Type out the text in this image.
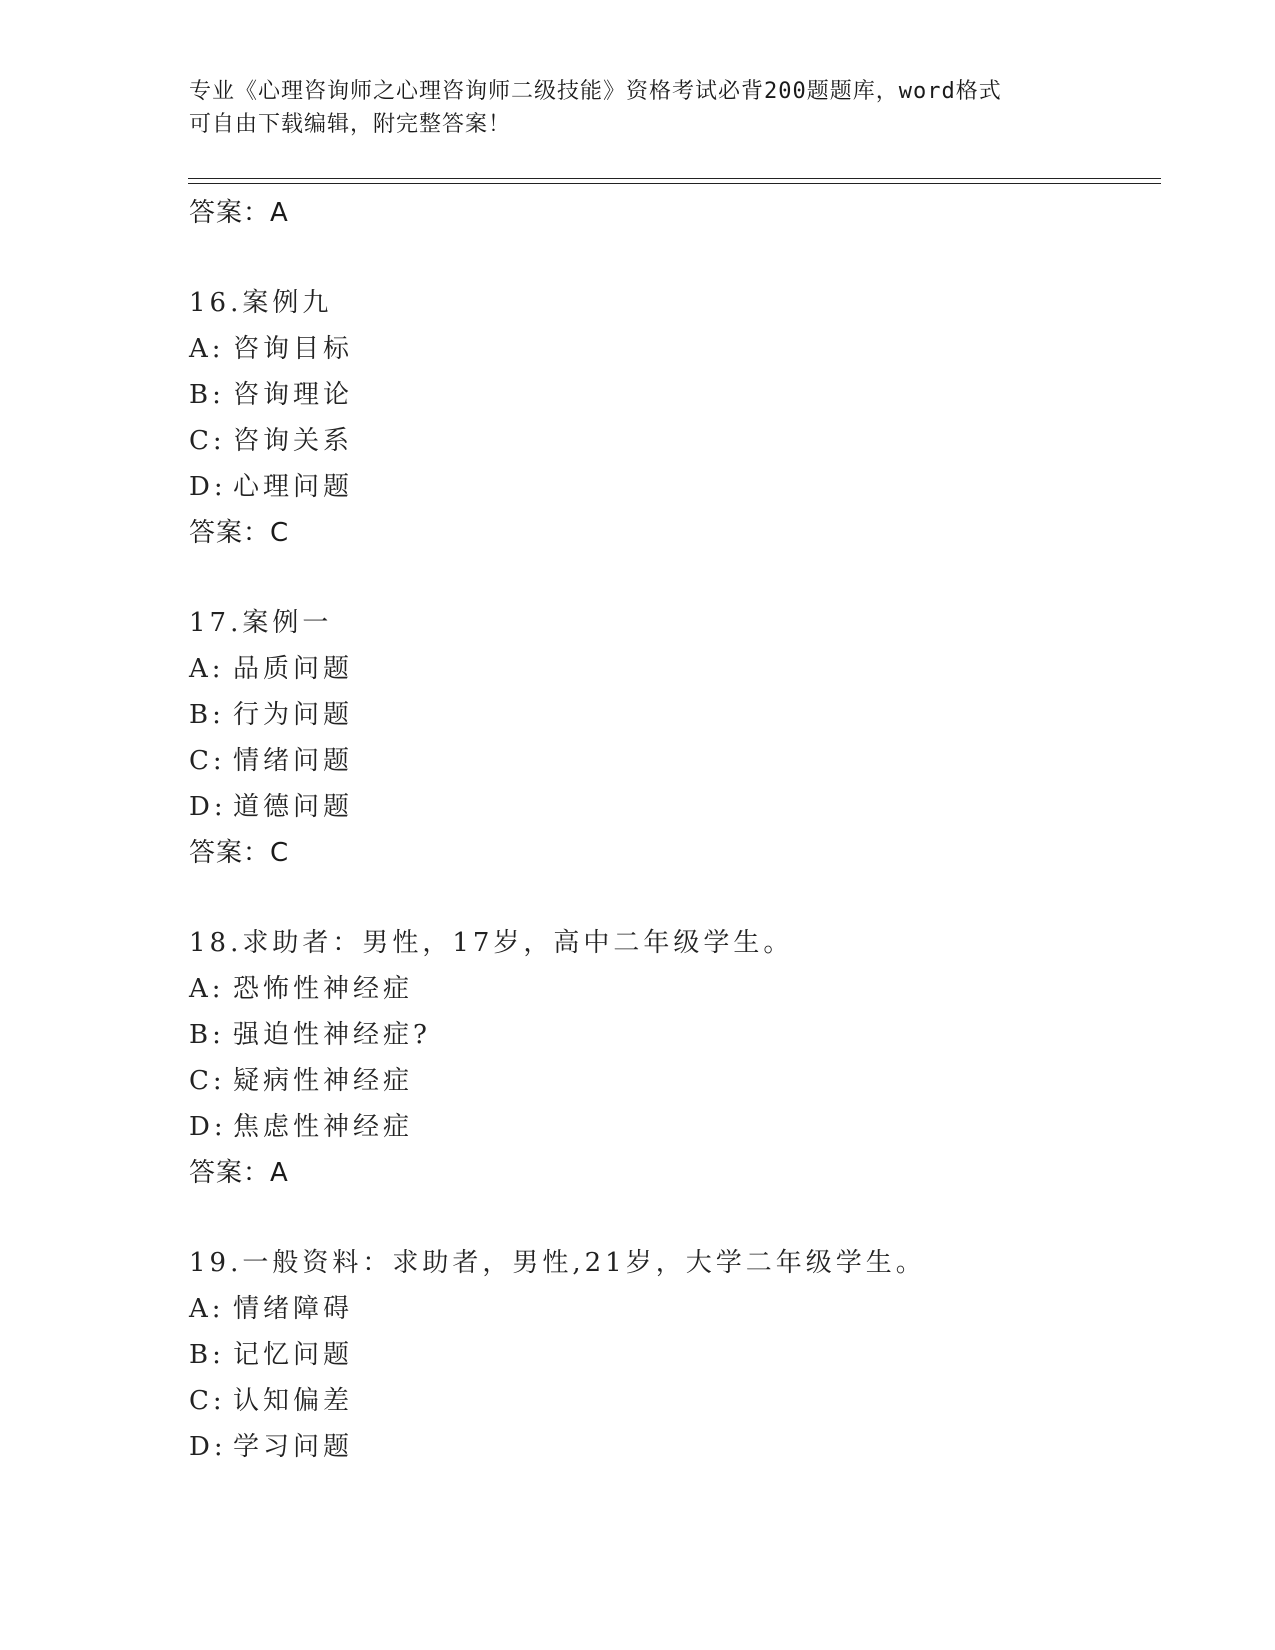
专业《心理咨询师之心理咨询师二级技能》资格考试必背200题题库，word格式
可自由下载编辑，附完整答案！
答案：A
16.案例九
A: 咨询目标
B: 咨询理论
C: 咨询关系
D: 心理问题
答案：C
17.案例一
A: 品质问题
B: 行为问题
C: 情绪问题
D: 道德问题
答案：C
18.求助者：男性，17岁，高中二年级学生。
A: 恐怖性神经症
B: 强迫性神经症?
C: 疑病性神经症
D: 焦虑性神经症
答案：A
19.一般资料：求助者，男性,21岁，大学二年级学生。
A: 情绪障碍
B: 记忆问题
C: 认知偏差
D: 学习问题
